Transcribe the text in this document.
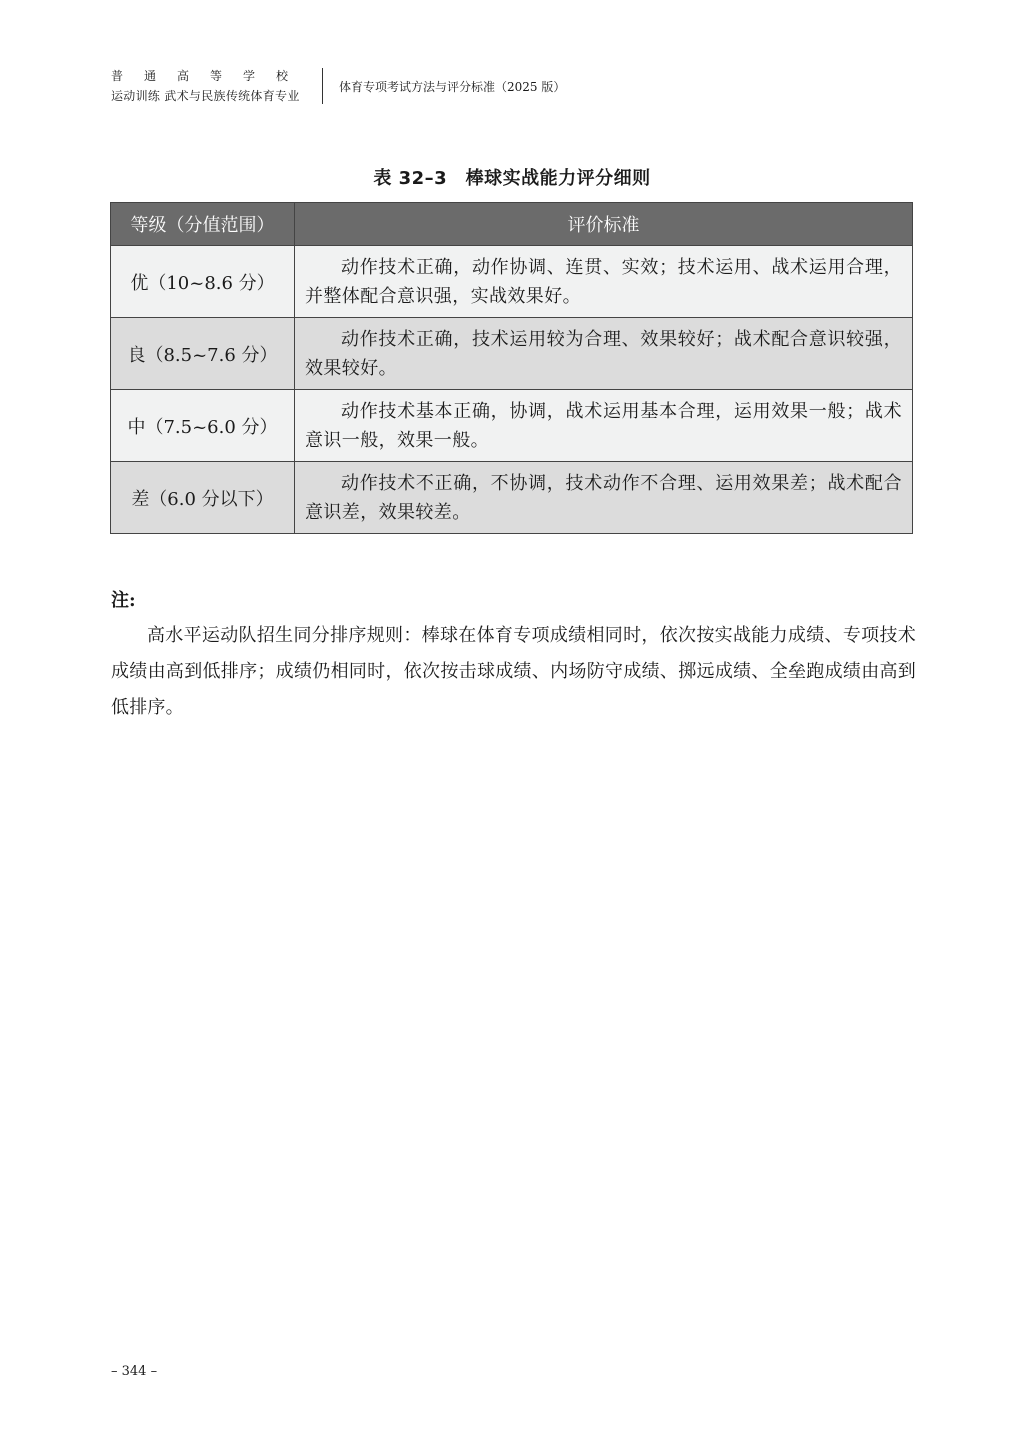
普通高等学校
运动训练 武术与民族传统体育专业
体育专项考试方法与评分标准（2025 版）
表 32–3　棒球实战能力评分细则
等级（分值范围）	评价标准
优（10~8.6 分）	动作技术正确，动作协调、连贯、实效；技术运用、战术运用合理，并整体配合意识强，实战效果好。
良（8.5~7.6 分）	动作技术正确，技术运用较为合理、效果较好；战术配合意识较强，效果较好。
中（7.5~6.0 分）	动作技术基本正确，协调，战术运用基本合理，运用效果一般；战术意识一般，效果一般。
差（6.0 分以下）	动作技术不正确，不协调，技术动作不合理、运用效果差；战术配合意识差，效果较差。
注:
高水平运动队招生同分排序规则：棒球在体育专项成绩相同时，依次按实战能力成绩、专项技术成绩由高到低排序；成绩仍相同时，依次按击球成绩、内场防守成绩、掷远成绩、全垒跑成绩由高到低排序。
– 344 –
